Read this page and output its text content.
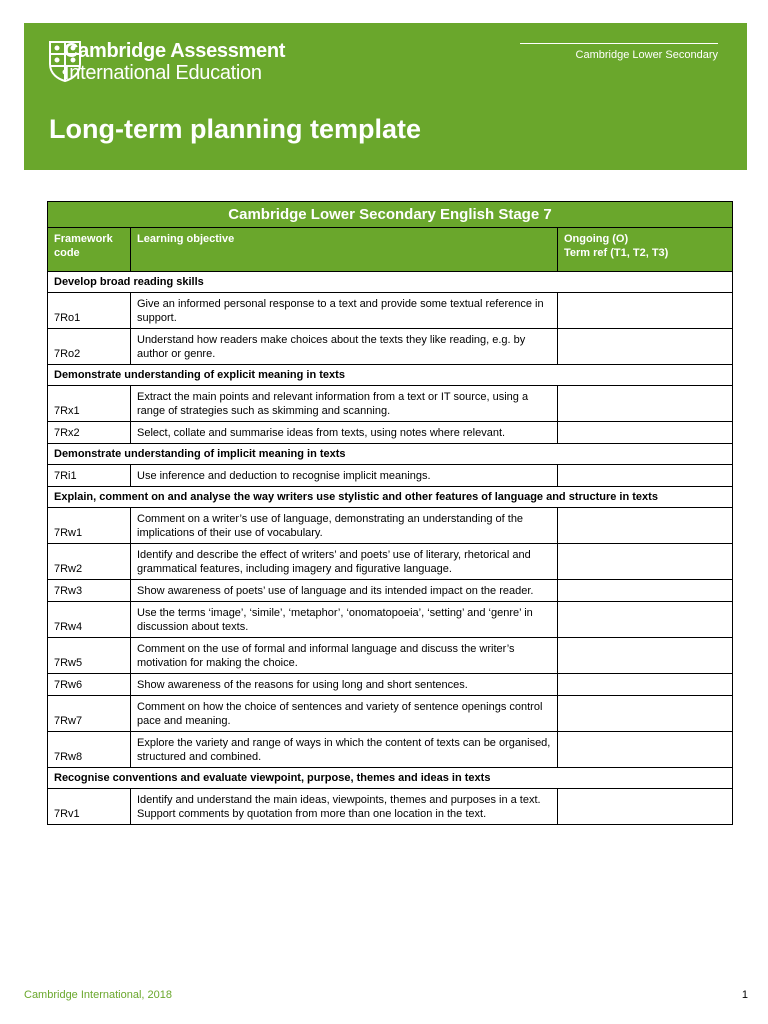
Cambridge Assessment
International Education
Cambridge Lower Secondary
Long-term planning template
Cambridge Lower Secondary English Stage 7		
Framework code	Learning objective	Ongoing (O)
Term ref (T1, T2, T3)

Develop broad reading skills		
7Ro1	Give an informed personal response to a text and provide some textual reference in support.	
7Ro2	Understand how readers make choices about the texts they like reading, e.g. by author or genre.	
Demonstrate understanding of explicit meaning in texts		
7Rx1	Extract the main points and relevant information from a text or IT source, using a range of strategies such as skimming and scanning.	
7Rx2	Select, collate and summarise ideas from texts, using notes where relevant.	
Demonstrate understanding of implicit meaning in texts		
7Ri1	Use inference and deduction to recognise implicit meanings.	
Explain, comment on and analyse the way writers use stylistic and other features of language and structure in texts		
7Rw1	Comment on a writer’s use of language, demonstrating an understanding of the implications of their use of vocabulary.	
7Rw2	Identify and describe the effect of writers’ and poets’ use of literary, rhetorical and grammatical features, including imagery and figurative language.	
7Rw3	Show awareness of poets’ use of language and its intended impact on the reader.	
7Rw4	Use the terms ‘image’, ‘simile’, ‘metaphor’, ‘onomatopoeia’, ‘setting’ and ‘genre’ in discussion about texts.	
7Rw5	Comment on the use of formal and informal language and discuss the writer’s motivation for making the choice.	
7Rw6	Show awareness of the reasons for using long and short sentences.	
7Rw7	Comment on how the choice of sentences and variety of sentence openings control pace and meaning.	
7Rw8	Explore the variety and range of ways in which the content of texts can be organised, structured and combined.	
Recognise conventions and evaluate viewpoint, purpose, themes and ideas in texts		
7Rv1	Identify and understand the main ideas, viewpoints, themes and purposes in a text. Support comments by quotation from more than one location in the text.	
Cambridge International, 2018	1
